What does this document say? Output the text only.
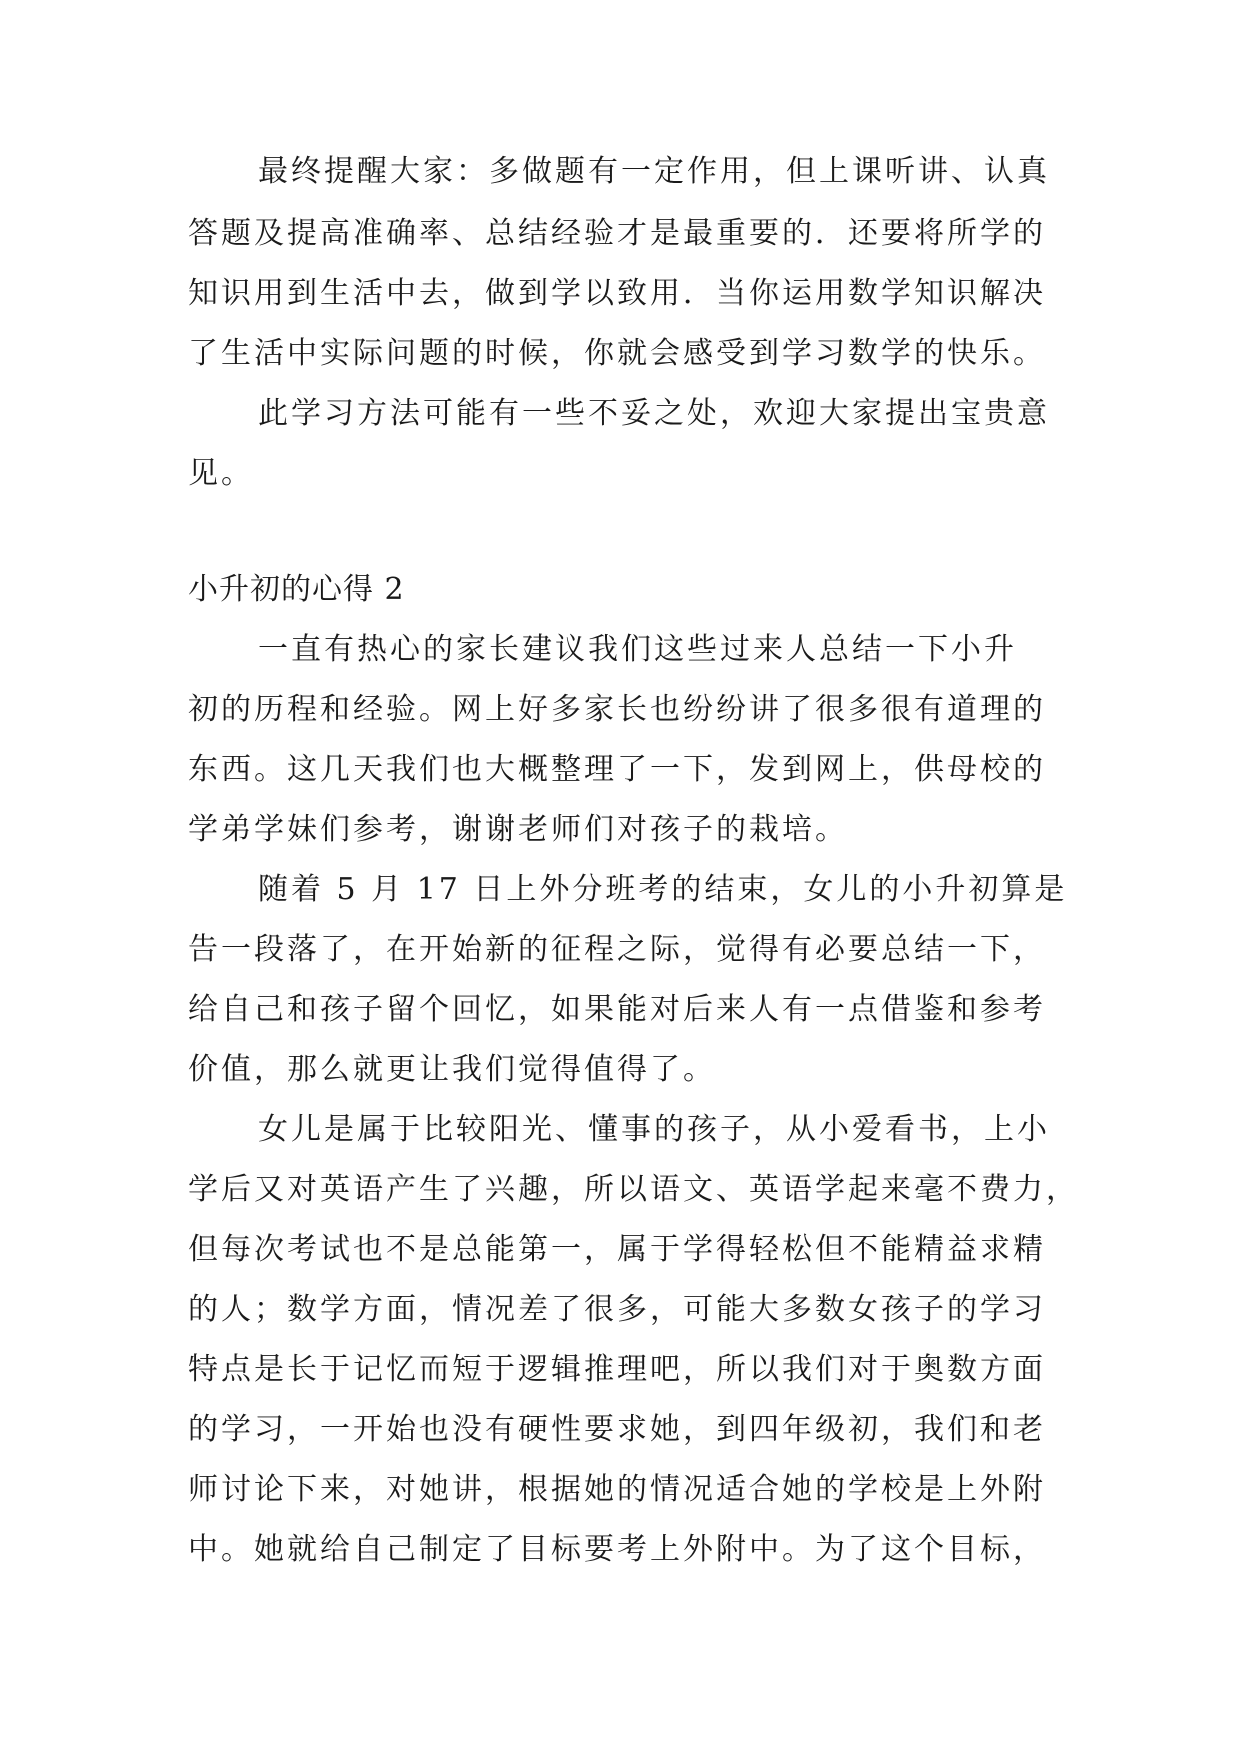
最终提醒大家：多做题有一定作用，但上课听讲、认真
答题及提高准确率、总结经验才是最重要的．还要将所学的
知识用到生活中去，做到学以致用．当你运用数学知识解决
了生活中实际问题的时候，你就会感受到学习数学的快乐。
此学习方法可能有一些不妥之处，欢迎大家提出宝贵意
见。
小升初的心得 2
一直有热心的家长建议我们这些过来人总结一下小升
初的历程和经验。网上好多家长也纷纷讲了很多很有道理的
东西。这几天我们也大概整理了一下，发到网上，供母校的
学弟学妹们参考，谢谢老师们对孩子的栽培。
随着 5 月 17 日上外分班考的结束，女儿的小升初算是
告一段落了，在开始新的征程之际，觉得有必要总结一下，
给自己和孩子留个回忆，如果能对后来人有一点借鉴和参考
价值，那么就更让我们觉得值得了。
女儿是属于比较阳光、懂事的孩子，从小爱看书，上小
学后又对英语产生了兴趣，所以语文、英语学起来毫不费力，
但每次考试也不是总能第一，属于学得轻松但不能精益求精
的人；数学方面，情况差了很多，可能大多数女孩子的学习
特点是长于记忆而短于逻辑推理吧，所以我们对于奥数方面
的学习，一开始也没有硬性要求她，到四年级初，我们和老
师讨论下来，对她讲，根据她的情况适合她的学校是上外附
中。她就给自己制定了目标要考上外附中。为了这个目标，
